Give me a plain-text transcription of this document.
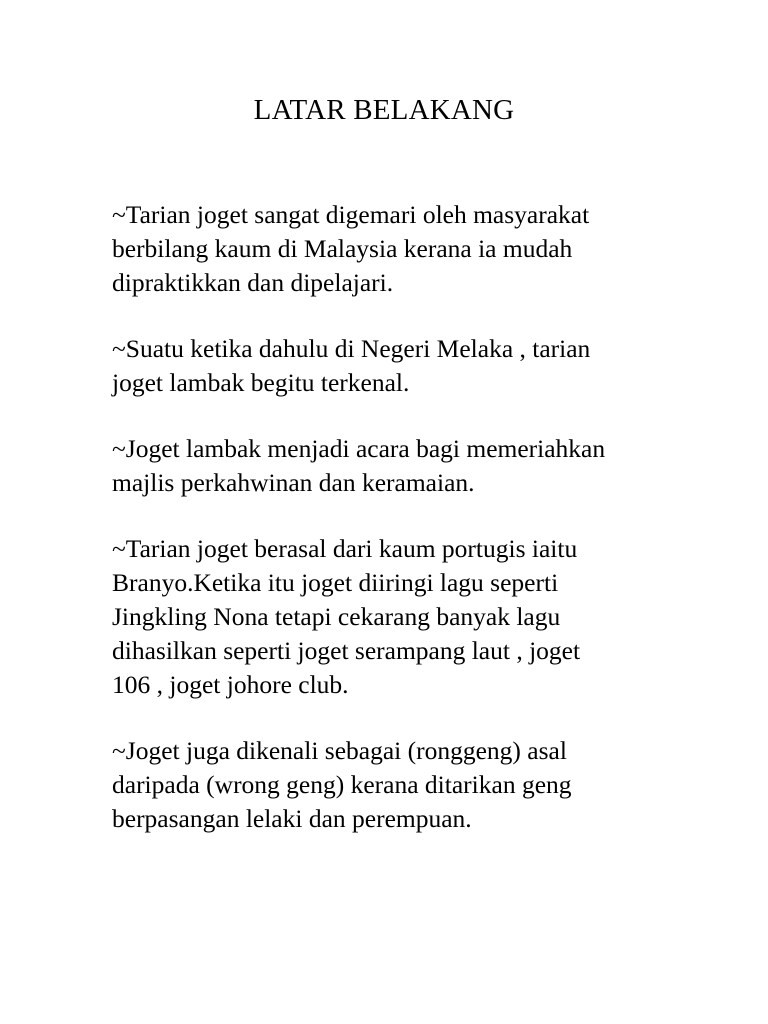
LATAR BELAKANG

~Tarian joget sangat digemari oleh masyarakat
berbilang kaum di Malaysia kerana ia mudah
dipraktikkan dan dipelajari.

~Suatu ketika dahulu di Negeri Melaka , tarian
joget lambak begitu terkenal.

~Joget lambak menjadi acara bagi memeriahkan
majlis perkahwinan dan keramaian.

~Tarian joget berasal dari kaum portugis iaitu
Branyo.Ketika itu joget diiringi lagu seperti
Jingkling Nona tetapi cekarang banyak lagu
dihasilkan seperti joget serampang laut , joget
106 , joget johore club.

~Joget juga dikenali sebagai (ronggeng) asal
daripada (wrong geng) kerana ditarikan geng
berpasangan lelaki dan perempuan.
